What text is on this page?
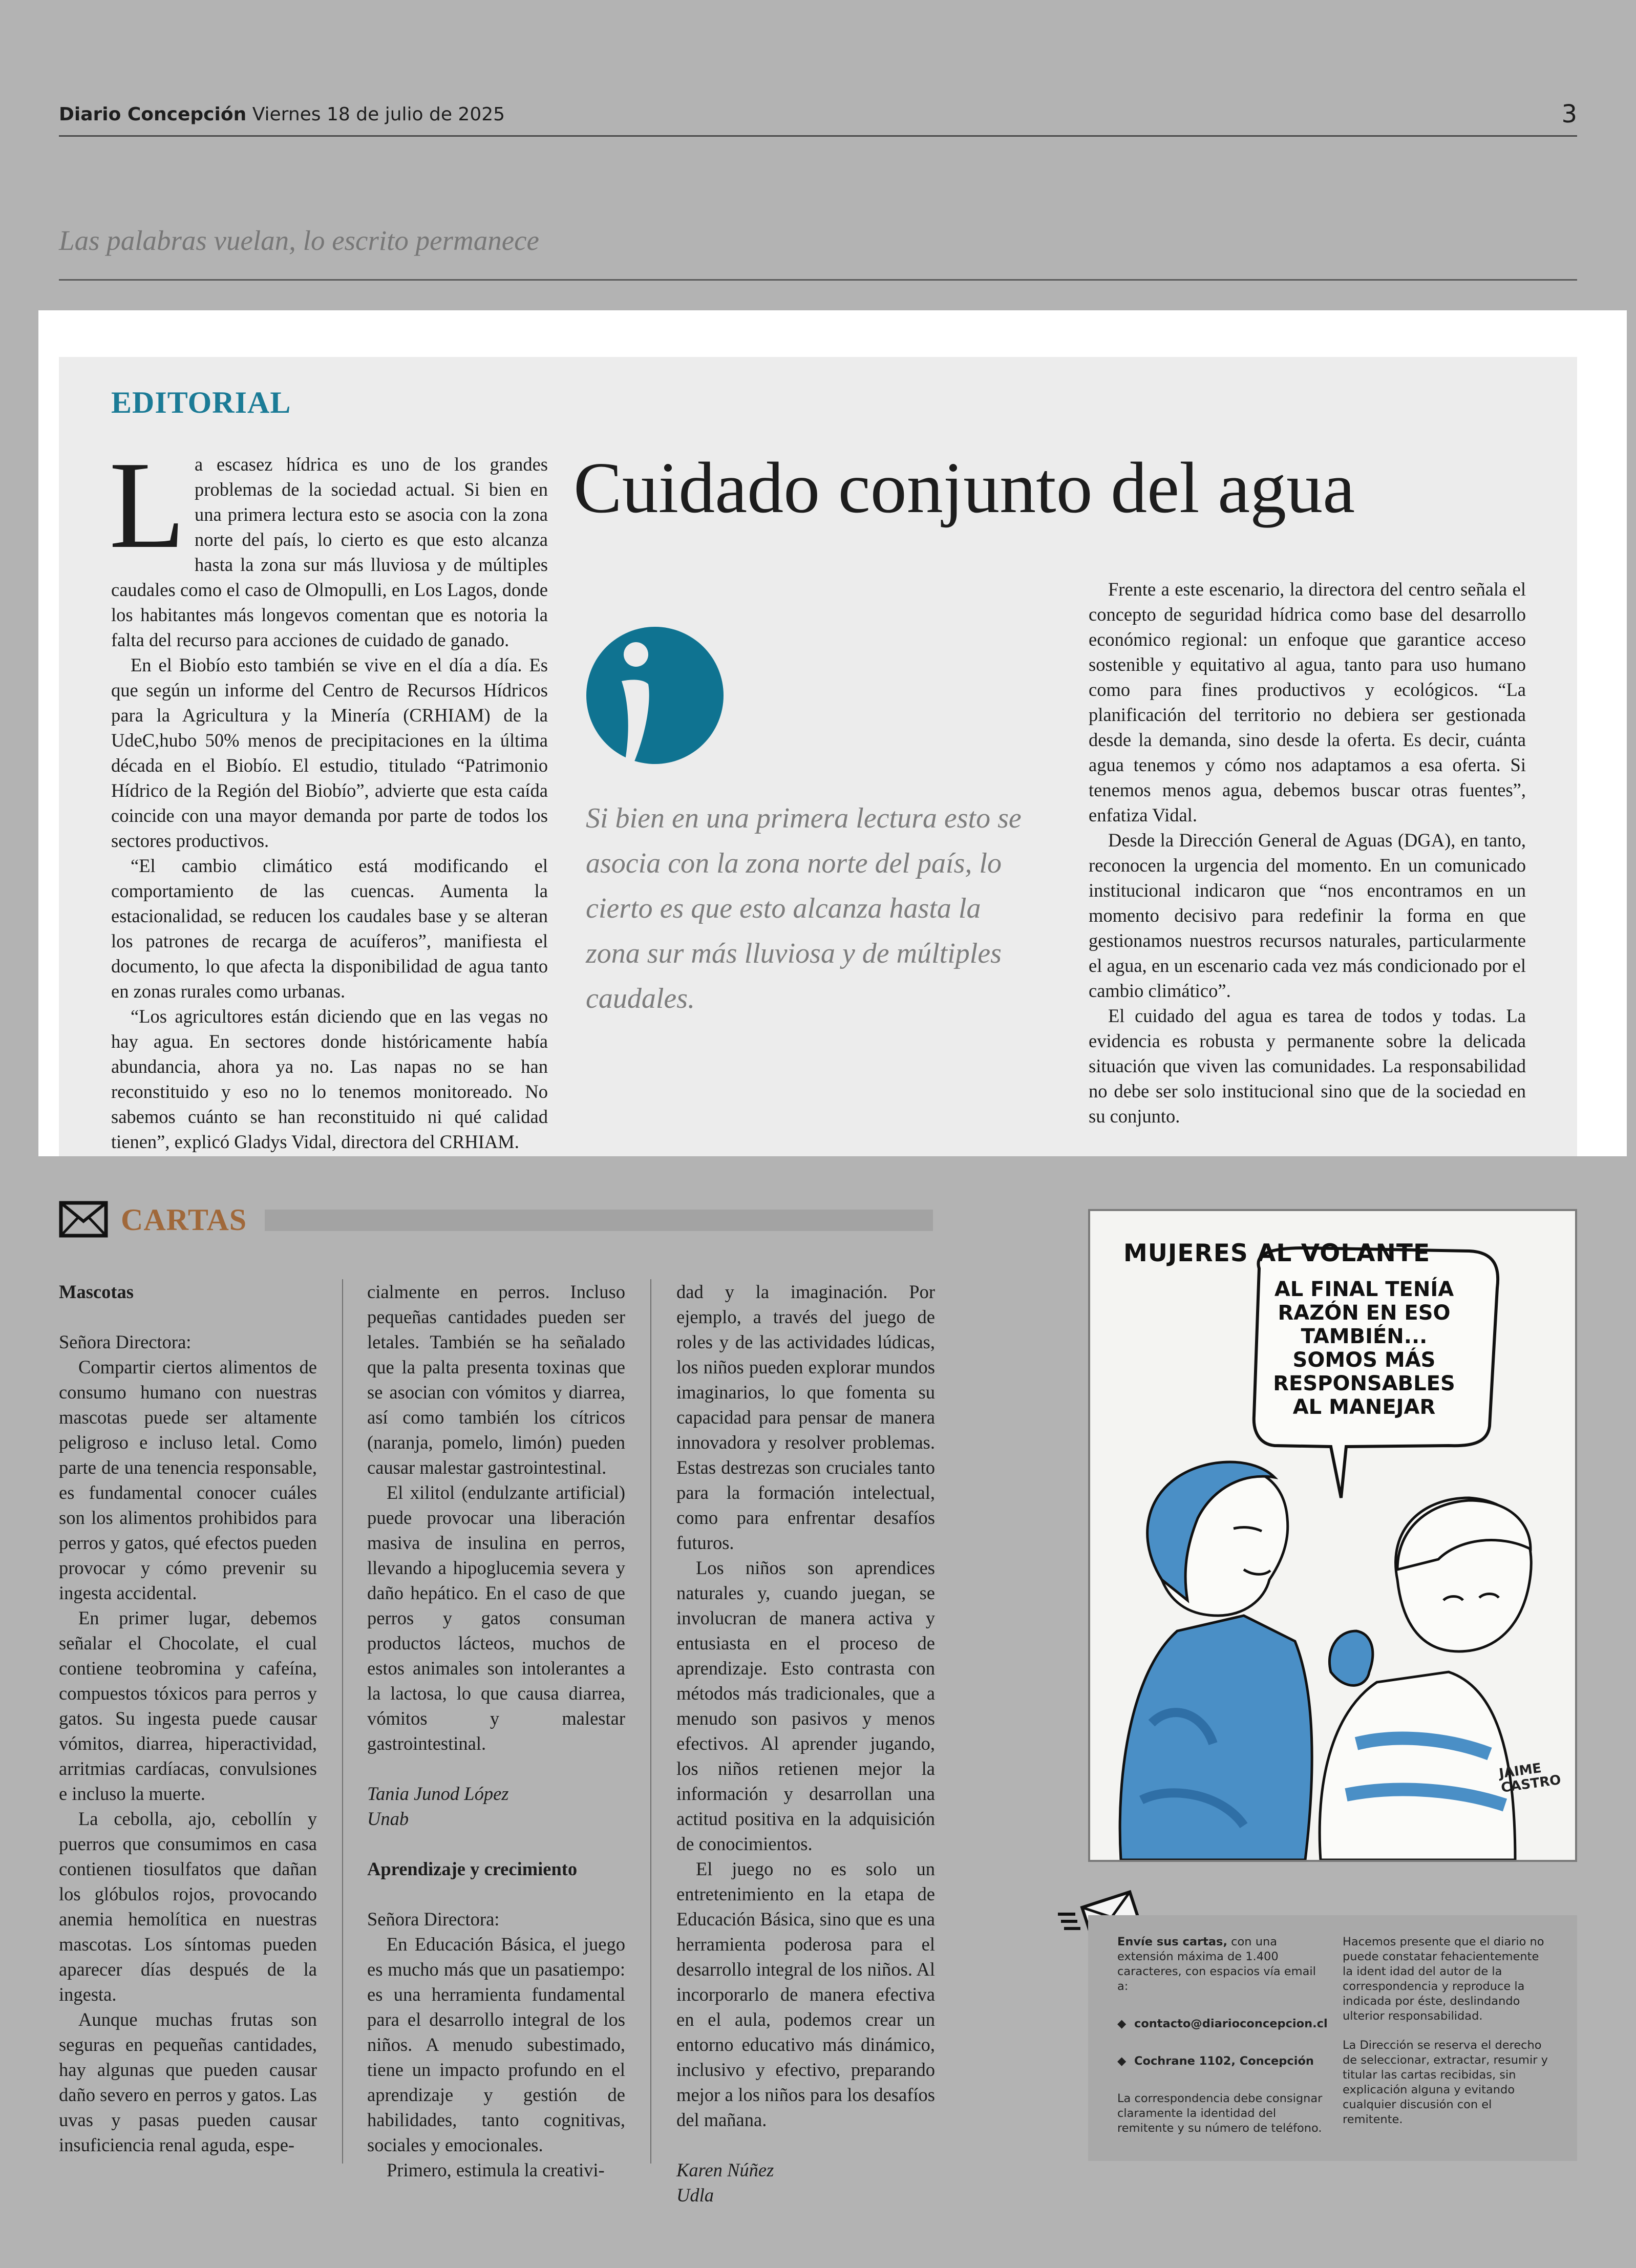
Diario Concepción Viernes 18 de julio de 2025	3
Las palabras vuelan, lo escrito permanece
EDITORIAL
Cuidado conjunto del agua

La escasez hídrica es uno de los grandes problemas de la sociedad actual. Si bien en una primera lectura esto se asocia con la zona norte del país, lo cierto es que esto alcanza hasta la zona sur más lluviosa y de múltiples caudales como el caso de Olmopulli, en Los Lagos, donde los habitantes más longevos comentan que es notoria la falta del recurso para acciones de cuidado de ganado.

En el Biobío esto también se vive en el día a día. Es que según un informe del Centro de Recursos Hídricos para la Agricultura y la Minería (CRHIAM) de la UdeC,hubo 50% menos de precipitaciones en la última década en el Biobío. El estudio, titulado “Patrimonio Hídrico de la Región del Biobío”, advierte que esta caída coincide con una mayor demanda por parte de todos los sectores productivos.

“El cambio climático está modificando el comportamiento de las cuencas. Aumenta la estacionalidad, se reducen los caudales base y se alteran los patrones de recarga de acuíferos”, manifiesta el documento, lo que afecta la disponibilidad de agua tanto en zonas rurales como urbanas.

“Los agricultores están diciendo que en las vegas no hay agua. En sectores donde históricamente había abundancia, ahora ya no. Las napas no se han reconstituido y eso no lo tenemos monitoreado. No sabemos cuánto se han reconstituido ni qué calidad tienen”, explicó Gladys Vidal, directora del CRHIAM.

Si bien en una primera lectura esto se asocia con la zona norte del país, lo cierto es que esto alcanza hasta la zona sur más lluviosa y de múltiples caudales.

Frente a este escenario, la directora del centro señala el concepto de seguridad hídrica como base del desarrollo económico regional: un enfoque que garantice acceso sostenible y equitativo al agua, tanto para uso humano como para fines productivos y ecológicos. “La planificación del territorio no debiera ser gestionada desde la demanda, sino desde la oferta. Es decir, cuánta agua tenemos y cómo nos adaptamos a esa oferta. Si tenemos menos agua, debemos buscar otras fuentes”, enfatiza Vidal.

Desde la Dirección General de Aguas (DGA), en tanto, reconocen la urgencia del momento. En un comunicado institucional indicaron que “nos encontramos en un momento decisivo para redefinir la forma en que gestionamos nuestros recursos naturales, particularmente el agua, en un escenario cada vez más condicionado por el cambio climático”.

El cuidado del agua es tarea de todos y todas. La evidencia es robusta y permanente sobre la delicada situación que viven las comunidades. La responsabilidad no debe ser solo institucional sino que de la sociedad en su conjunto.

CARTAS

Mascotas

Señora Directora:

Compartir ciertos alimentos de consumo humano con nuestras mascotas puede ser altamente peligroso e incluso letal. Como parte de una tenencia responsable, es fundamental conocer cuáles son los alimentos prohibidos para perros y gatos, qué efectos pueden provocar y cómo prevenir su ingesta accidental.

En primer lugar, debemos señalar el Chocolate, el cual contiene teobromina y cafeína, compuestos tóxicos para perros y gatos. Su ingesta puede causar vómitos, diarrea, hiperactividad, arritmias cardíacas, convulsiones e incluso la muerte.

La cebolla, ajo, cebollín y puerros que consumimos en casa contienen tiosulfatos que dañan los glóbulos rojos, provocando anemia hemolítica en nuestras mascotas. Los síntomas pueden aparecer días después de la ingesta.

Aunque muchas frutas son seguras en pequeñas cantidades, hay algunas que pueden causar daño severo en perros y gatos. Las uvas y pasas pueden causar insuficiencia renal aguda, espe-

cialmente en perros. Incluso pequeñas cantidades pueden ser letales. También se ha señalado que la palta presenta toxinas que se asocian con vómitos y diarrea, así como también los cítricos (naranja, pomelo, limón) pueden causar malestar gastrointestinal.

El xilitol (endulzante artificial) puede provocar una liberación masiva de insulina en perros, llevando a hipoglucemia severa y daño hepático. En el caso de que perros y gatos consuman productos lácteos, muchos de estos animales son intolerantes a la lactosa, lo que causa diarrea, vómitos y malestar gastrointestinal.

Tania Junod López

Unab

Aprendizaje y crecimiento

Señora Directora:

En Educación Básica, el juego es mucho más que un pasatiempo: es una herramienta fundamental para el desarrollo integral de los niños. A menudo subestimado, tiene un impacto profundo en el aprendizaje y gestión de habilidades, tanto cognitivas, sociales y emocionales.

Primero, estimula la creativi-

dad y la imaginación. Por ejemplo, a través del juego de roles y de las actividades lúdicas, los niños pueden explorar mundos imaginarios, lo que fomenta su capacidad para pensar de manera innovadora y resolver problemas. Estas destrezas son cruciales tanto para la formación intelectual, como para enfrentar desafíos futuros.

Los niños son aprendices naturales y, cuando juegan, se involucran de manera activa y entusiasta en el proceso de aprendizaje. Esto contrasta con métodos más tradicionales, que a menudo son pasivos y menos efectivos. Al aprender jugando, los niños retienen mejor la información y desarrollan una actitud positiva en la adquisición de conocimientos.

El juego no es solo un entretenimiento en la etapa de Educación Básica, sino que es una herramienta poderosa para el desarrollo integral de los niños. Al incorporarlo de manera efectiva en el aula, podemos crear un entorno educativo más dinámico, inclusivo y efectivo, preparando mejor a los niños para los desafíos del mañana.

Karen Núñez

Udla

MUJERES AL VOLANTE
AL FINAL TENÍA RAZÓN EN ESO TAMBIÉN... SOMOS MÁS RESPONSABLES AL MANEJAR
JAIME CASTRO
Envíe sus cartas, con una extensión máxima de 1.400 caracteres, con espacios vía email a:
◆  contacto@diarioconcepcion.cl
◆  Cochrane 1102, Concepción
La correspondencia debe consignar claramente la identidad del remitente y su número de teléfono.
Hacemos presente que el diario no puede constatar fehacientemente la ident idad del autor de la correspondencia y reproduce la indicada por éste, deslindando ulterior responsabilidad.
La Dirección se reserva el derecho de seleccionar, extractar, resumir y titular las cartas recibidas, sin explicación alguna y evitando cualquier discusión con el remitente.
